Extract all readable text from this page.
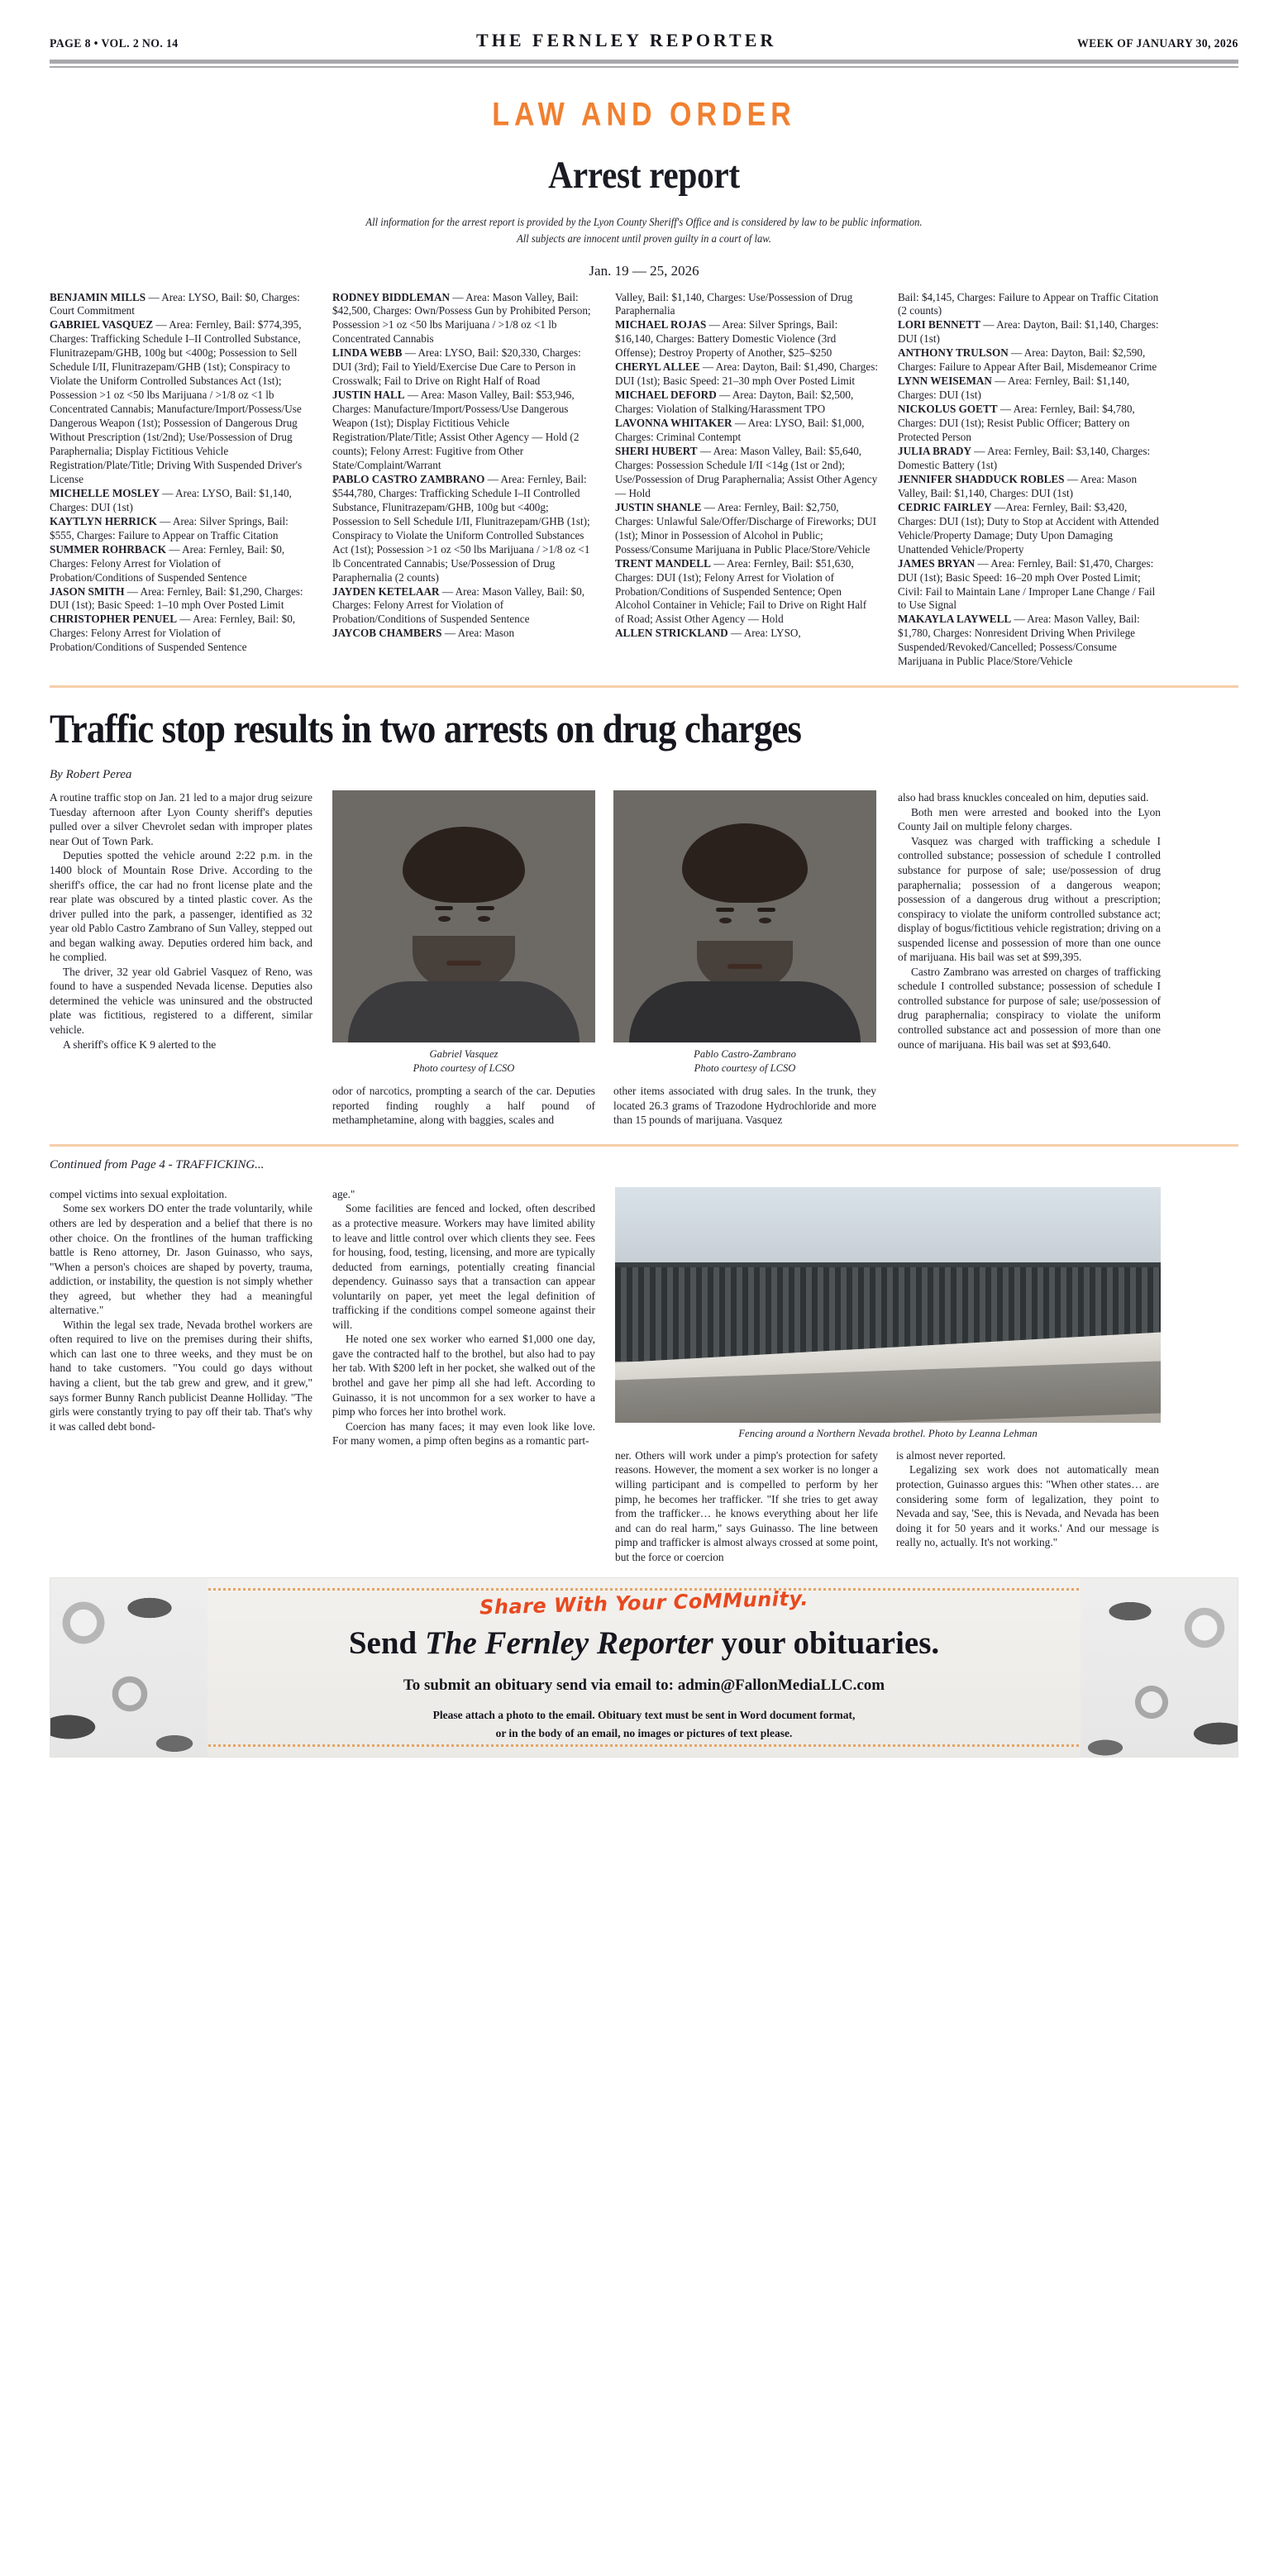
PAGE 8 • VOL. 2 NO. 14	THE FERNLEY REPORTER	WEEK OF JANUARY 30, 2026
LAW AND ORDER
Arrest report
All information for the arrest report is provided by the Lyon County Sheriff's Office and is considered by law to be public information.
All subjects are innocent until proven guilty in a court of law.
Jan. 19 — 25, 2026

BENJAMIN MILLS — Area: LYSO, Bail: $0, Charges: Court Commitment

GABRIEL VASQUEZ — Area: Fernley, Bail: $774,395, Charges: Trafficking Schedule I–II Controlled Substance, Flunitrazepam/GHB, 100g but <400g; Possession to Sell Schedule I/II, Flunitrazepam/GHB (1st); Conspiracy to Violate the Uniform Controlled Substances Act (1st); Possession >1 oz <50 lbs Marijuana / >1/8 oz <1 lb Concentrated Cannabis; Manufacture/Import/Possess/Use Dangerous Weapon (1st); Possession of Dangerous Drug Without Prescription (1st/2nd); Use/Possession of Drug Paraphernalia; Display Fictitious Vehicle Registration/Plate/Title; Driving With Suspended Driver's License

MICHELLE MOSLEY — Area: LYSO, Bail: $1,140, Charges: DUI (1st)

KAYTLYN HERRICK — Area: Silver Springs, Bail: $555, Charges: Failure to Appear on Traffic Citation

SUMMER ROHRBACK — Area: Fernley, Bail: $0, Charges: Felony Arrest for Violation of Probation/Conditions of Suspended Sentence

JASON SMITH — Area: Fernley, Bail: $1,290, Charges: DUI (1st); Basic Speed: 1–10 mph Over Posted Limit

CHRISTOPHER PENUEL — Area: Fernley, Bail: $0, Charges: Felony Arrest for Violation of Probation/Conditions of Suspended Sentence

RODNEY BIDDLEMAN — Area: Mason Valley, Bail: $42,500, Charges: Own/Possess Gun by Prohibited Person; Possession >1 oz <50 lbs Marijuana / >1/8 oz <1 lb Concentrated Cannabis

LINDA WEBB — Area: LYSO, Bail: $20,330, Charges: DUI (3rd); Fail to Yield/Exercise Due Care to Person in Crosswalk; Fail to Drive on Right Half of Road

JUSTIN HALL — Area: Mason Valley, Bail: $53,946, Charges: Manufacture/Import/Possess/Use Dangerous Weapon (1st); Display Fictitious Vehicle Registration/Plate/Title; Assist Other Agency — Hold (2 counts); Felony Arrest: Fugitive from Other State/Complaint/Warrant

PABLO CASTRO ZAMBRANO — Area: Fernley, Bail: $544,780, Charges: Trafficking Schedule I–II Controlled Substance, Flunitrazepam/GHB, 100g but <400g; Possession to Sell Schedule I/II, Flunitrazepam/GHB (1st); Conspiracy to Violate the Uniform Controlled Substances Act (1st); Possession >1 oz <50 lbs Marijuana / >1/8 oz <1 lb Concentrated Cannabis; Use/Possession of Drug Paraphernalia (2 counts)

JAYDEN KETELAAR — Area: Mason Valley, Bail: $0, Charges: Felony Arrest for Violation of Probation/Conditions of Suspended Sentence

JAYCOB CHAMBERS — Area: Mason

Valley, Bail: $1,140, Charges: Use/Possession of Drug Paraphernalia

MICHAEL ROJAS — Area: Silver Springs, Bail: $16,140, Charges: Battery Domestic Violence (3rd Offense); Destroy Property of Another, $25–$250

CHERYL ALLEE — Area: Dayton, Bail: $1,490, Charges: DUI (1st); Basic Speed: 21–30 mph Over Posted Limit

MICHAEL DEFORD — Area: Dayton, Bail: $2,500, Charges: Violation of Stalking/Harassment TPO

LAVONNA WHITAKER — Area: LYSO, Bail: $1,000, Charges: Criminal Contempt

SHERI HUBERT — Area: Mason Valley, Bail: $5,640, Charges: Possession Schedule I/II <14g (1st or 2nd); Use/Possession of Drug Paraphernalia; Assist Other Agency — Hold

JUSTIN SHANLE — Area: Fernley, Bail: $2,750, Charges: Unlawful Sale/Offer/Discharge of Fireworks; DUI (1st); Minor in Possession of Alcohol in Public; Possess/Consume Marijuana in Public Place/Store/Vehicle

TRENT MANDELL — Area: Fernley, Bail: $51,630, Charges: DUI (1st); Felony Arrest for Violation of Probation/Conditions of Suspended Sentence; Open Alcohol Container in Vehicle; Fail to Drive on Right Half of Road; Assist Other Agency — Hold

ALLEN STRICKLAND — Area: LYSO,

Bail: $4,145, Charges: Failure to Appear on Traffic Citation (2 counts)

LORI BENNETT — Area: Dayton, Bail: $1,140, Charges: DUI (1st)

ANTHONY TRULSON — Area: Dayton, Bail: $2,590, Charges: Failure to Appear After Bail, Misdemeanor Crime

LYNN WEISEMAN — Area: Fernley, Bail: $1,140, Charges: DUI (1st)

NICKOLUS GOETT — Area: Fernley, Bail: $4,780, Charges: DUI (1st); Resist Public Officer; Battery on Protected Person

JULIA BRADY — Area: Fernley, Bail: $3,140, Charges: Domestic Battery (1st)

JENNIFER SHADDUCK ROBLES — Area: Mason Valley, Bail: $1,140, Charges: DUI (1st)

CEDRIC FAIRLEY —Area: Fernley, Bail: $3,420, Charges: DUI (1st); Duty to Stop at Accident with Attended Vehicle/Property Damage; Duty Upon Damaging Unattended Vehicle/Property

JAMES BRYAN — Area: Fernley, Bail: $1,470, Charges: DUI (1st); Basic Speed: 16–20 mph Over Posted Limit; Civil: Fail to Maintain Lane / Improper Lane Change / Fail to Use Signal

MAKAYLA LAYWELL — Area: Mason Valley, Bail: $1,780, Charges: Nonresident Driving When Privilege Suspended/Revoked/Cancelled; Possess/Consume Marijuana in Public Place/Store/Vehicle

Traffic stop results in two arrests on drug charges
By Robert Perea

A routine traffic stop on Jan. 21 led to a major drug seizure Tuesday afternoon after Lyon County sheriff's deputies pulled over a silver Chevrolet sedan with improper plates near Out of Town Park.

Deputies spotted the vehicle around 2:22 p.m. in the 1400 block of Mountain Rose Drive. According to the sheriff's office, the car had no front license plate and the rear plate was obscured by a tinted plastic cover. As the driver pulled into the park, a passenger, identified as 32 year old Pablo Castro Zambrano of Sun Valley, stepped out and began walking away. Deputies ordered him back, and he complied.

The driver, 32 year old Gabriel Vasquez of Reno, was found to have a suspended Nevada license. Deputies also determined the vehicle was uninsured and the obstructed plate was fictitious, registered to a different, similar vehicle.

A sheriff's office K 9 alerted to the

Gabriel Vasquez
Photo courtesy of LCSO
Pablo Castro-Zambrano
Photo courtesy of LCSO

odor of narcotics, prompting a search of the car. Deputies reported finding roughly a half pound of methamphetamine, along with baggies, scales and

other items associated with drug sales. In the trunk, they located 26.3 grams of Trazodone Hydrochloride and more than 15 pounds of marijuana. Vasquez

also had brass knuckles concealed on him, deputies said.

Both men were arrested and booked into the Lyon County Jail on multiple felony charges.

Vasquez was charged with trafficking a schedule I controlled substance; possession of schedule I controlled substance for purpose of sale; use/possession of drug paraphernalia; possession of a dangerous weapon; possession of a dangerous drug without a prescription; conspiracy to violate the uniform controlled substance act; display of bogus/fictitious vehicle registration; driving on a suspended license and possession of more than one ounce of marijuana. His bail was set at $99,395.

Castro Zambrano was arrested on charges of trafficking schedule I controlled substance; possession of schedule I controlled substance for purpose of sale; use/possession of drug paraphernalia; conspiracy to violate the uniform controlled substance act and possession of more than one ounce of marijuana. His bail was set at $93,640.

Continued from Page 4 - TRAFFICKING...

compel victims into sexual exploitation.

Some sex workers DO enter the trade voluntarily, while others are led by desperation and a belief that there is no other choice. On the frontlines of the human trafficking battle is Reno attorney, Dr. Jason Guinasso, who says, "When a person's choices are shaped by poverty, trauma, addiction, or instability, the question is not simply whether they agreed, but whether they had a meaningful alternative."

Within the legal sex trade, Nevada brothel workers are often required to live on the premises during their shifts, which can last one to three weeks, and they must be on hand to take customers. "You could go days without having a client, but the tab grew and grew, and it grew," says former Bunny Ranch publicist Deanne Holliday. "The girls were constantly trying to pay off their tab. That's why it was called debt bond-

age."

Some facilities are fenced and locked, often described as a protective measure. Workers may have limited ability to leave and little control over which clients they see. Fees for housing, food, testing, licensing, and more are typically deducted from earnings, potentially creating financial dependency. Guinasso says that a transaction can appear voluntarily on paper, yet meet the legal definition of trafficking if the conditions compel someone against their will.

He noted one sex worker who earned $1,000 one day, gave the contracted half to the brothel, but also had to pay her tab. With $200 left in her pocket, she walked out of the brothel and gave her pimp all she had left. According to Guinasso, it is not uncommon for a sex worker to have a pimp who forces her into brothel work.

Coercion has many faces; it may even look like love. For many women, a pimp often begins as a romantic part-

Fencing around a Northern Nevada brothel. Photo by Leanna Lehman

ner. Others will work under a pimp's protection for safety reasons. However, the moment a sex worker is no longer a willing participant and is compelled to perform by her pimp, he becomes her trafficker. "If she tries to get away from the trafficker… he knows everything about her life and can do real harm," says Guinasso. The line between pimp and trafficker is almost always crossed at some point, but the force or coercion

is almost never reported.

Legalizing sex work does not automatically mean protection, Guinasso argues this: "When other states… are considering some form of legalization, they point to Nevada and say, 'See, this is Nevada, and Nevada has been doing it for 50 years and it works.' And our message is really no, actually. It's not working."

Share With Your CoMMunity.
Send The Fernley Reporter your obituaries.
To submit an obituary send via email to: admin@FallonMediaLLC.com
Please attach a photo to the email. Obituary text must be sent in Word document format,
or in the body of an email, no images or pictures of text please.
